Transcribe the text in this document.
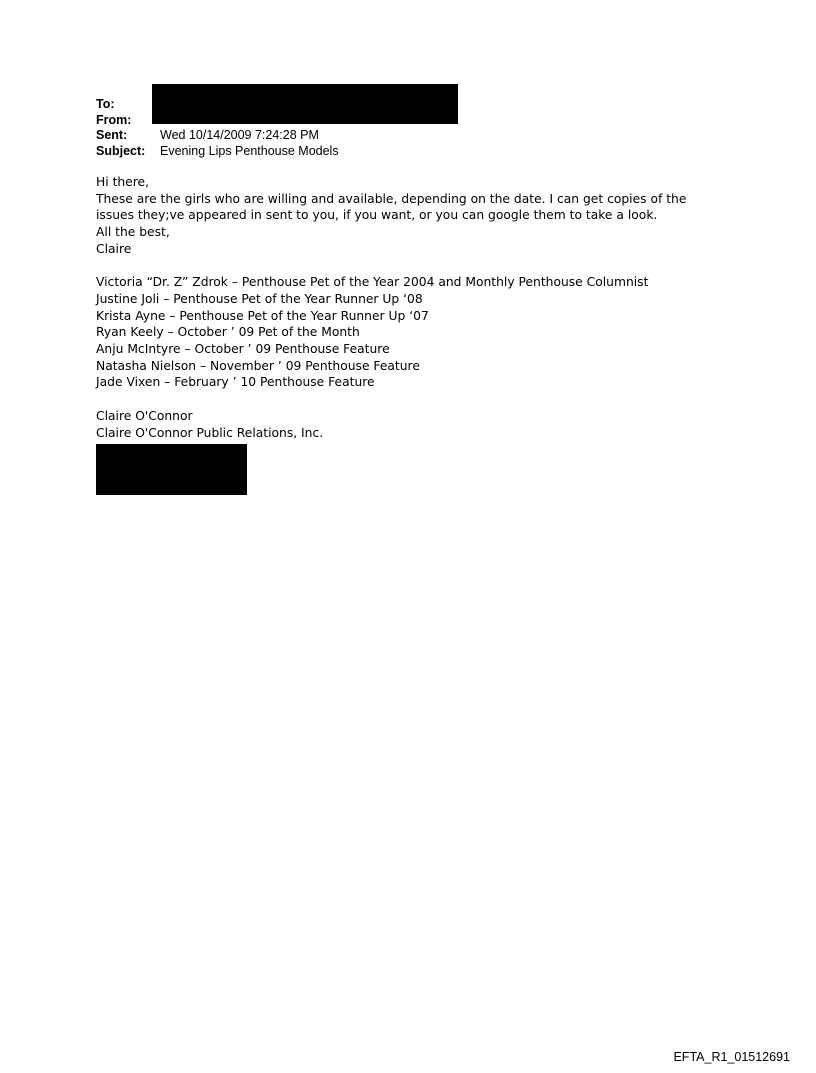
To:
From:
Sent:	Wed 10/14/2009 7:24:28 PM
Subject:	Evening Lips Penthouse Models
Hi there,
These are the girls who are willing and available, depending on the date. I can get copies of the
issues they;ve appeared in sent to you, if you want, or you can google them to take a look.
All the best,
Claire
Victoria “Dr. Z” Zdrok – Penthouse Pet of the Year 2004 and Monthly Penthouse Columnist
Justine Joli – Penthouse Pet of the Year Runner Up ‘08
Krista Ayne – Penthouse Pet of the Year Runner Up ‘07
Ryan Keely – October ’ 09 Pet of the Month
Anju McIntyre – October ’ 09 Penthouse Feature
Natasha Nielson – November ’ 09 Penthouse Feature
Jade Vixen – February ’ 10 Penthouse Feature
Claire O'Connor
Claire O'Connor Public Relations, Inc.
EFTA_R1_01512691
